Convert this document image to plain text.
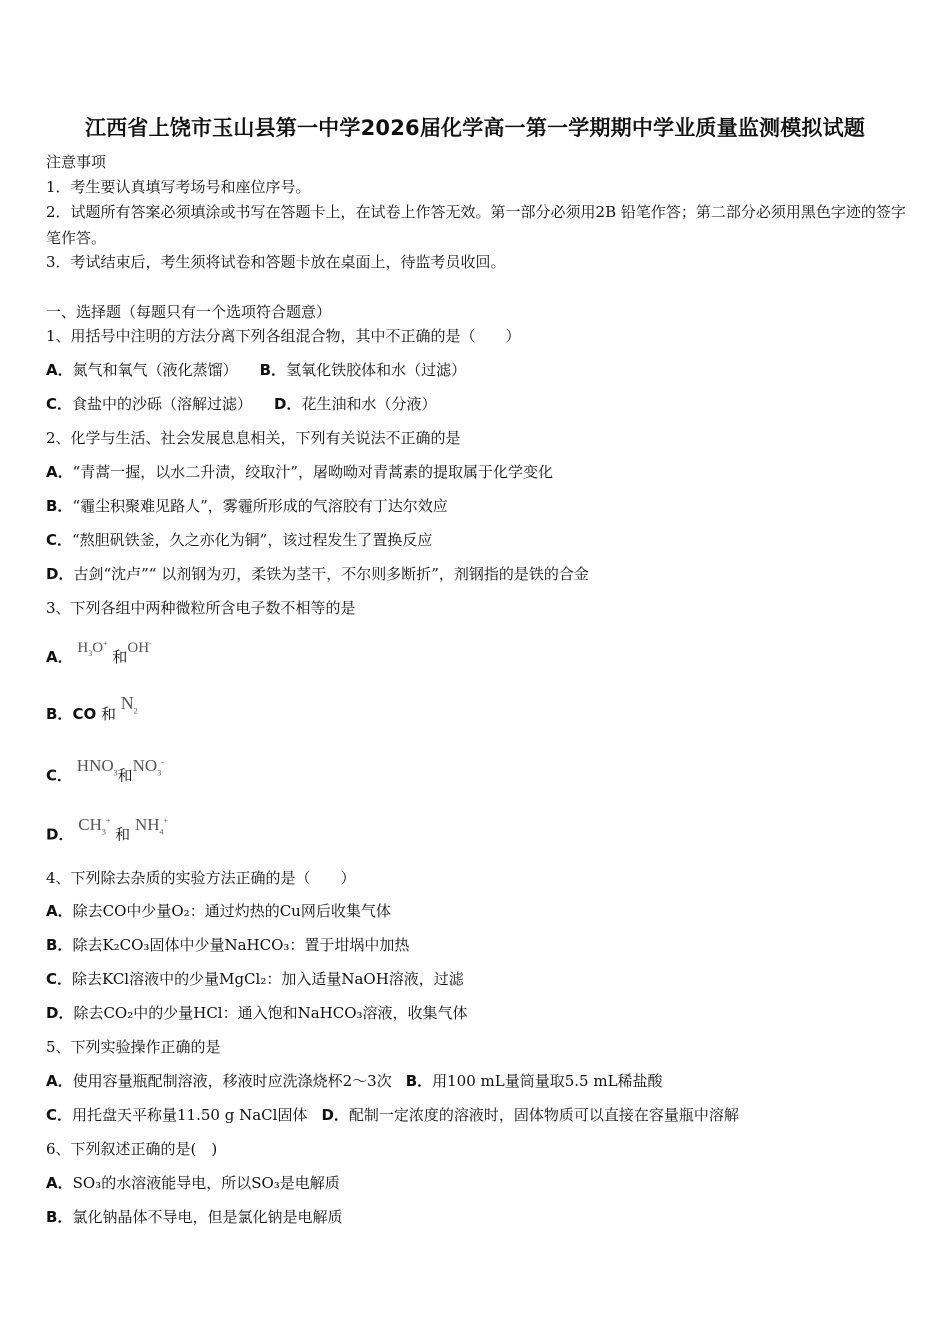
江西省上饶市玉山县第一中学2026届化学高一第一学期期中学业质量监测模拟试题
注意事项
1．考生要认真填写考场号和座位序号。
2．试题所有答案必须填涂或书写在答题卡上，在试卷上作答无效。第一部分必须用2B 铅笔作答；第二部分必须用黑色字迹的签字笔作答。
3．考试结束后，考生须将试卷和答题卡放在桌面上，待监考员收回。
一、选择题（每题只有一个选项符合题意）
1、用括号中注明的方法分离下列各组混合物，其中不正确的是（　　）
A．氮气和氧气（液化蒸馏） B．氢氧化铁胶体和水（过滤）
C．食盐中的沙砾（溶解过滤） D．花生油和水（分液）
2、化学与生活、社会发展息息相关，下列有关说法不正确的是
A．“青蒿一握，以水二升渍，绞取汁”，屠呦呦对青蒿素的提取属于化学变化
B．“霾尘积聚难见路人”，雾霾所形成的气溶胶有丁达尔效应
C．“熬胆矾铁釜，久之亦化为铜”，该过程发生了置换反应
D．古剑“沈卢”“ 以剂钢为刃，柔铁为茎干，不尔则多断折”，剂钢指的是铁的合金
3、下列各组中两种微粒所含电子数不相等的是
A． $H_3O^+$ 和OH-
B．CO 和 $N_2$
C． $HNO_3$和$NO_3^-$
D． $CH_3^+$ 和 $NH_4^+$
4、下列除去杂质的实验方法正确的是（　　）
A．除去CO中少量O₂：通过灼热的Cu网后收集气体
B．除去K₂CO₃固体中少量NaHCO₃：置于坩埚中加热
C．除去KCl溶液中的少量MgCl₂：加入适量NaOH溶液，过滤
D．除去CO₂中的少量HCl：通入饱和NaHCO₃溶液，收集气体
5、下列实验操作正确的是
A．使用容量瓶配制溶液，移液时应洗涤烧杯2～3次 B．用100 mL量筒量取5.5 mL稀盐酸
C．用托盘天平称量11.50 g NaCl固体 D．配制一定浓度的溶液时，固体物质可以直接在容量瓶中溶解
6、下列叙述正确的是(　)
A．SO₃的水溶液能导电，所以SO₃是电解质
B．氯化钠晶体不导电，但是氯化钠是电解质
